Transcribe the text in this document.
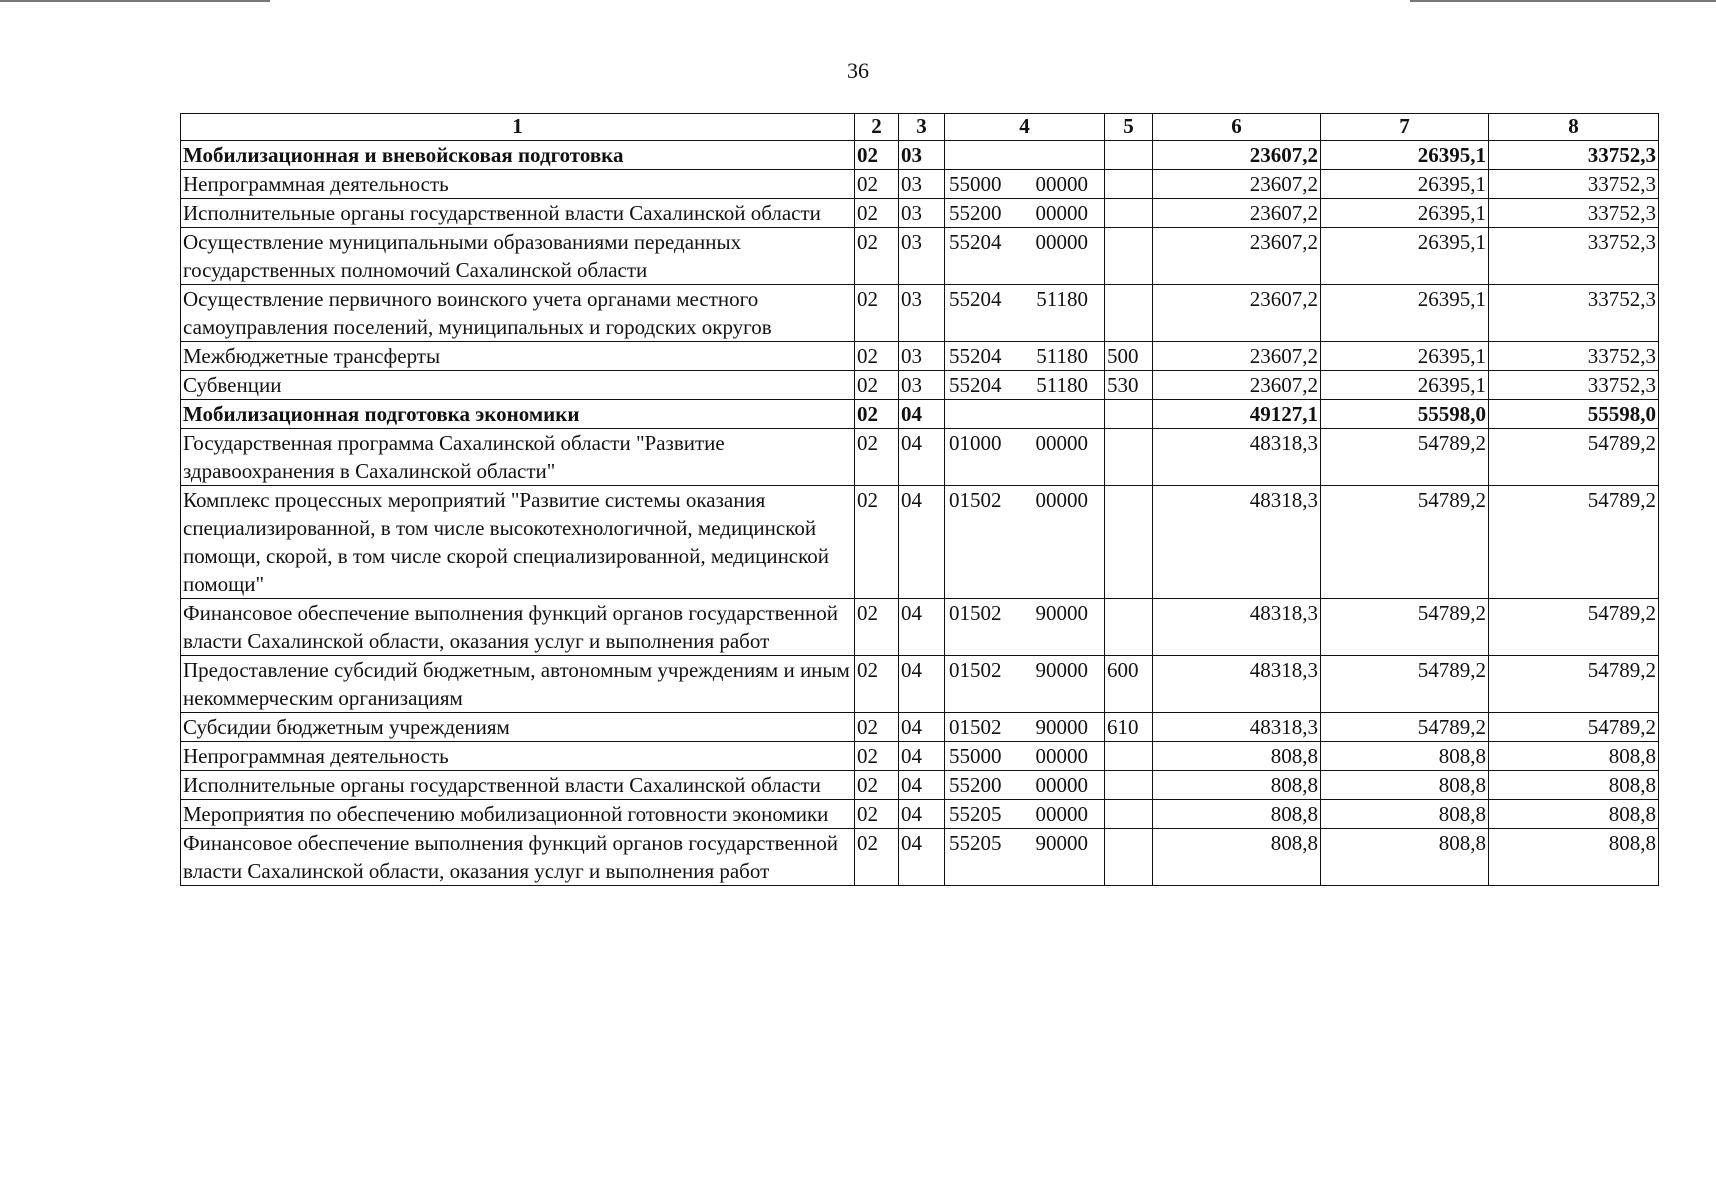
36
1	2	3	4	5	6	7	8
Мобилизационная и вневойсковая подготовка	02	03			23607,2	26395,1	33752,3
Непрограммная деятельность	02	03	55000 00000		23607,2	26395,1	33752,3
Исполнительные органы государственной власти Сахалинской области	02	03	55200 00000		23607,2	26395,1	33752,3
Осуществление муниципальными образованиями переданных государственных полномочий Сахалинской области	02	03	55204 00000		23607,2	26395,1	33752,3
Осуществление первичного воинского учета органами местного самоуправления поселений, муниципальных и городских округов	02	03	55204 51180		23607,2	26395,1	33752,3
Межбюджетные трансферты	02	03	55204 51180	500	23607,2	26395,1	33752,3
Субвенции	02	03	55204 51180	530	23607,2	26395,1	33752,3
Мобилизационная подготовка экономики	02	04			49127,1	55598,0	55598,0
Государственная программа Сахалинской области "Развитие здравоохранения в Сахалинской области"	02	04	01000 00000		48318,3	54789,2	54789,2
Комплекс процессных мероприятий "Развитие системы оказания специализированной, в том числе высокотехнологичной, медицинской помощи, скорой, в том числе скорой специализированной, медицинской помощи"	02	04	01502 00000		48318,3	54789,2	54789,2
Финансовое обеспечение выполнения функций органов государственной власти Сахалинской области, оказания услуг и выполнения работ	02	04	01502 90000		48318,3	54789,2	54789,2
Предоставление субсидий бюджетным, автономным учреждениям и иным некоммерческим организациям	02	04	01502 90000	600	48318,3	54789,2	54789,2
Субсидии бюджетным учреждениям	02	04	01502 90000	610	48318,3	54789,2	54789,2
Непрограммная деятельность	02	04	55000 00000		808,8	808,8	808,8
Исполнительные органы государственной власти Сахалинской области	02	04	55200 00000		808,8	808,8	808,8
Мероприятия по обеспечению мобилизационной готовности экономики	02	04	55205 00000		808,8	808,8	808,8
Финансовое обеспечение выполнения функций органов государственной власти Сахалинской области, оказания услуг и выполнения работ	02	04	55205 90000		808,8	808,8	808,8
